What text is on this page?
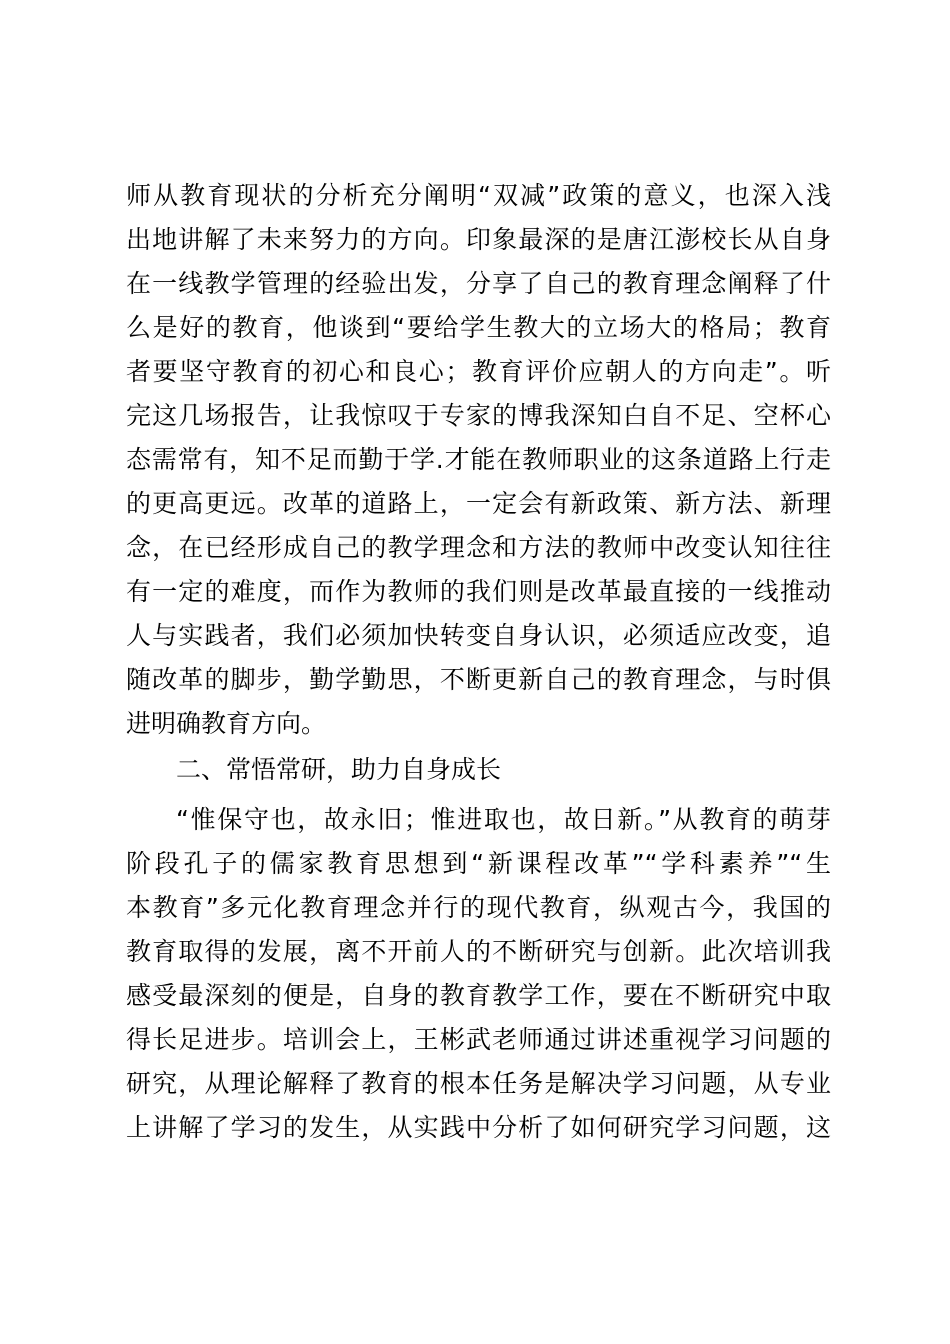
师从教育现状的分析充分阐明“双减”政策的意义，也深入浅
出地讲解了未来努力的方向。印象最深的是唐江澎校长从自身
在一线教学管理的经验出发，分享了自己的教育理念阐释了什
么是好的教育，他谈到“要给学生教大的立场大的格局；教育
者要坚守教育的初心和良心；教育评价应朝人的方向走”。听
完这几场报告，让我惊叹于专家的博我深知白自不足、空杯心
态需常有，知不足而勤于学.才能在教师职业的这条道路上行走
的更高更远。改革的道路上，一定会有新政策、新方法、新理
念，在已经形成自己的教学理念和方法的教师中改变认知往往
有一定的难度，而作为教师的我们则是改革最直接的一线推动
人与实践者，我们必须加快转变自身认识，必须适应改变，追
随改革的脚步，勤学勤思，不断更新自己的教育理念，与时俱
进明确教育方向。
二、常悟常研，助力自身成长
“惟保守也，故永旧；惟进取也，故日新。”从教育的萌芽
阶段孔子的儒家教育思想到“新课程改革”“学科素养”“生
本教育”多元化教育理念并行的现代教育，纵观古今，我国的
教育取得的发展，离不开前人的不断研究与创新。此次培训我
感受最深刻的便是，自身的教育教学工作，要在不断研究中取
得长足进步。培训会上，王彬武老师通过讲述重视学习问题的
研究，从理论解释了教育的根本任务是解决学习问题，从专业
上讲解了学习的发生，从实践中分析了如何研究学习问题，这
